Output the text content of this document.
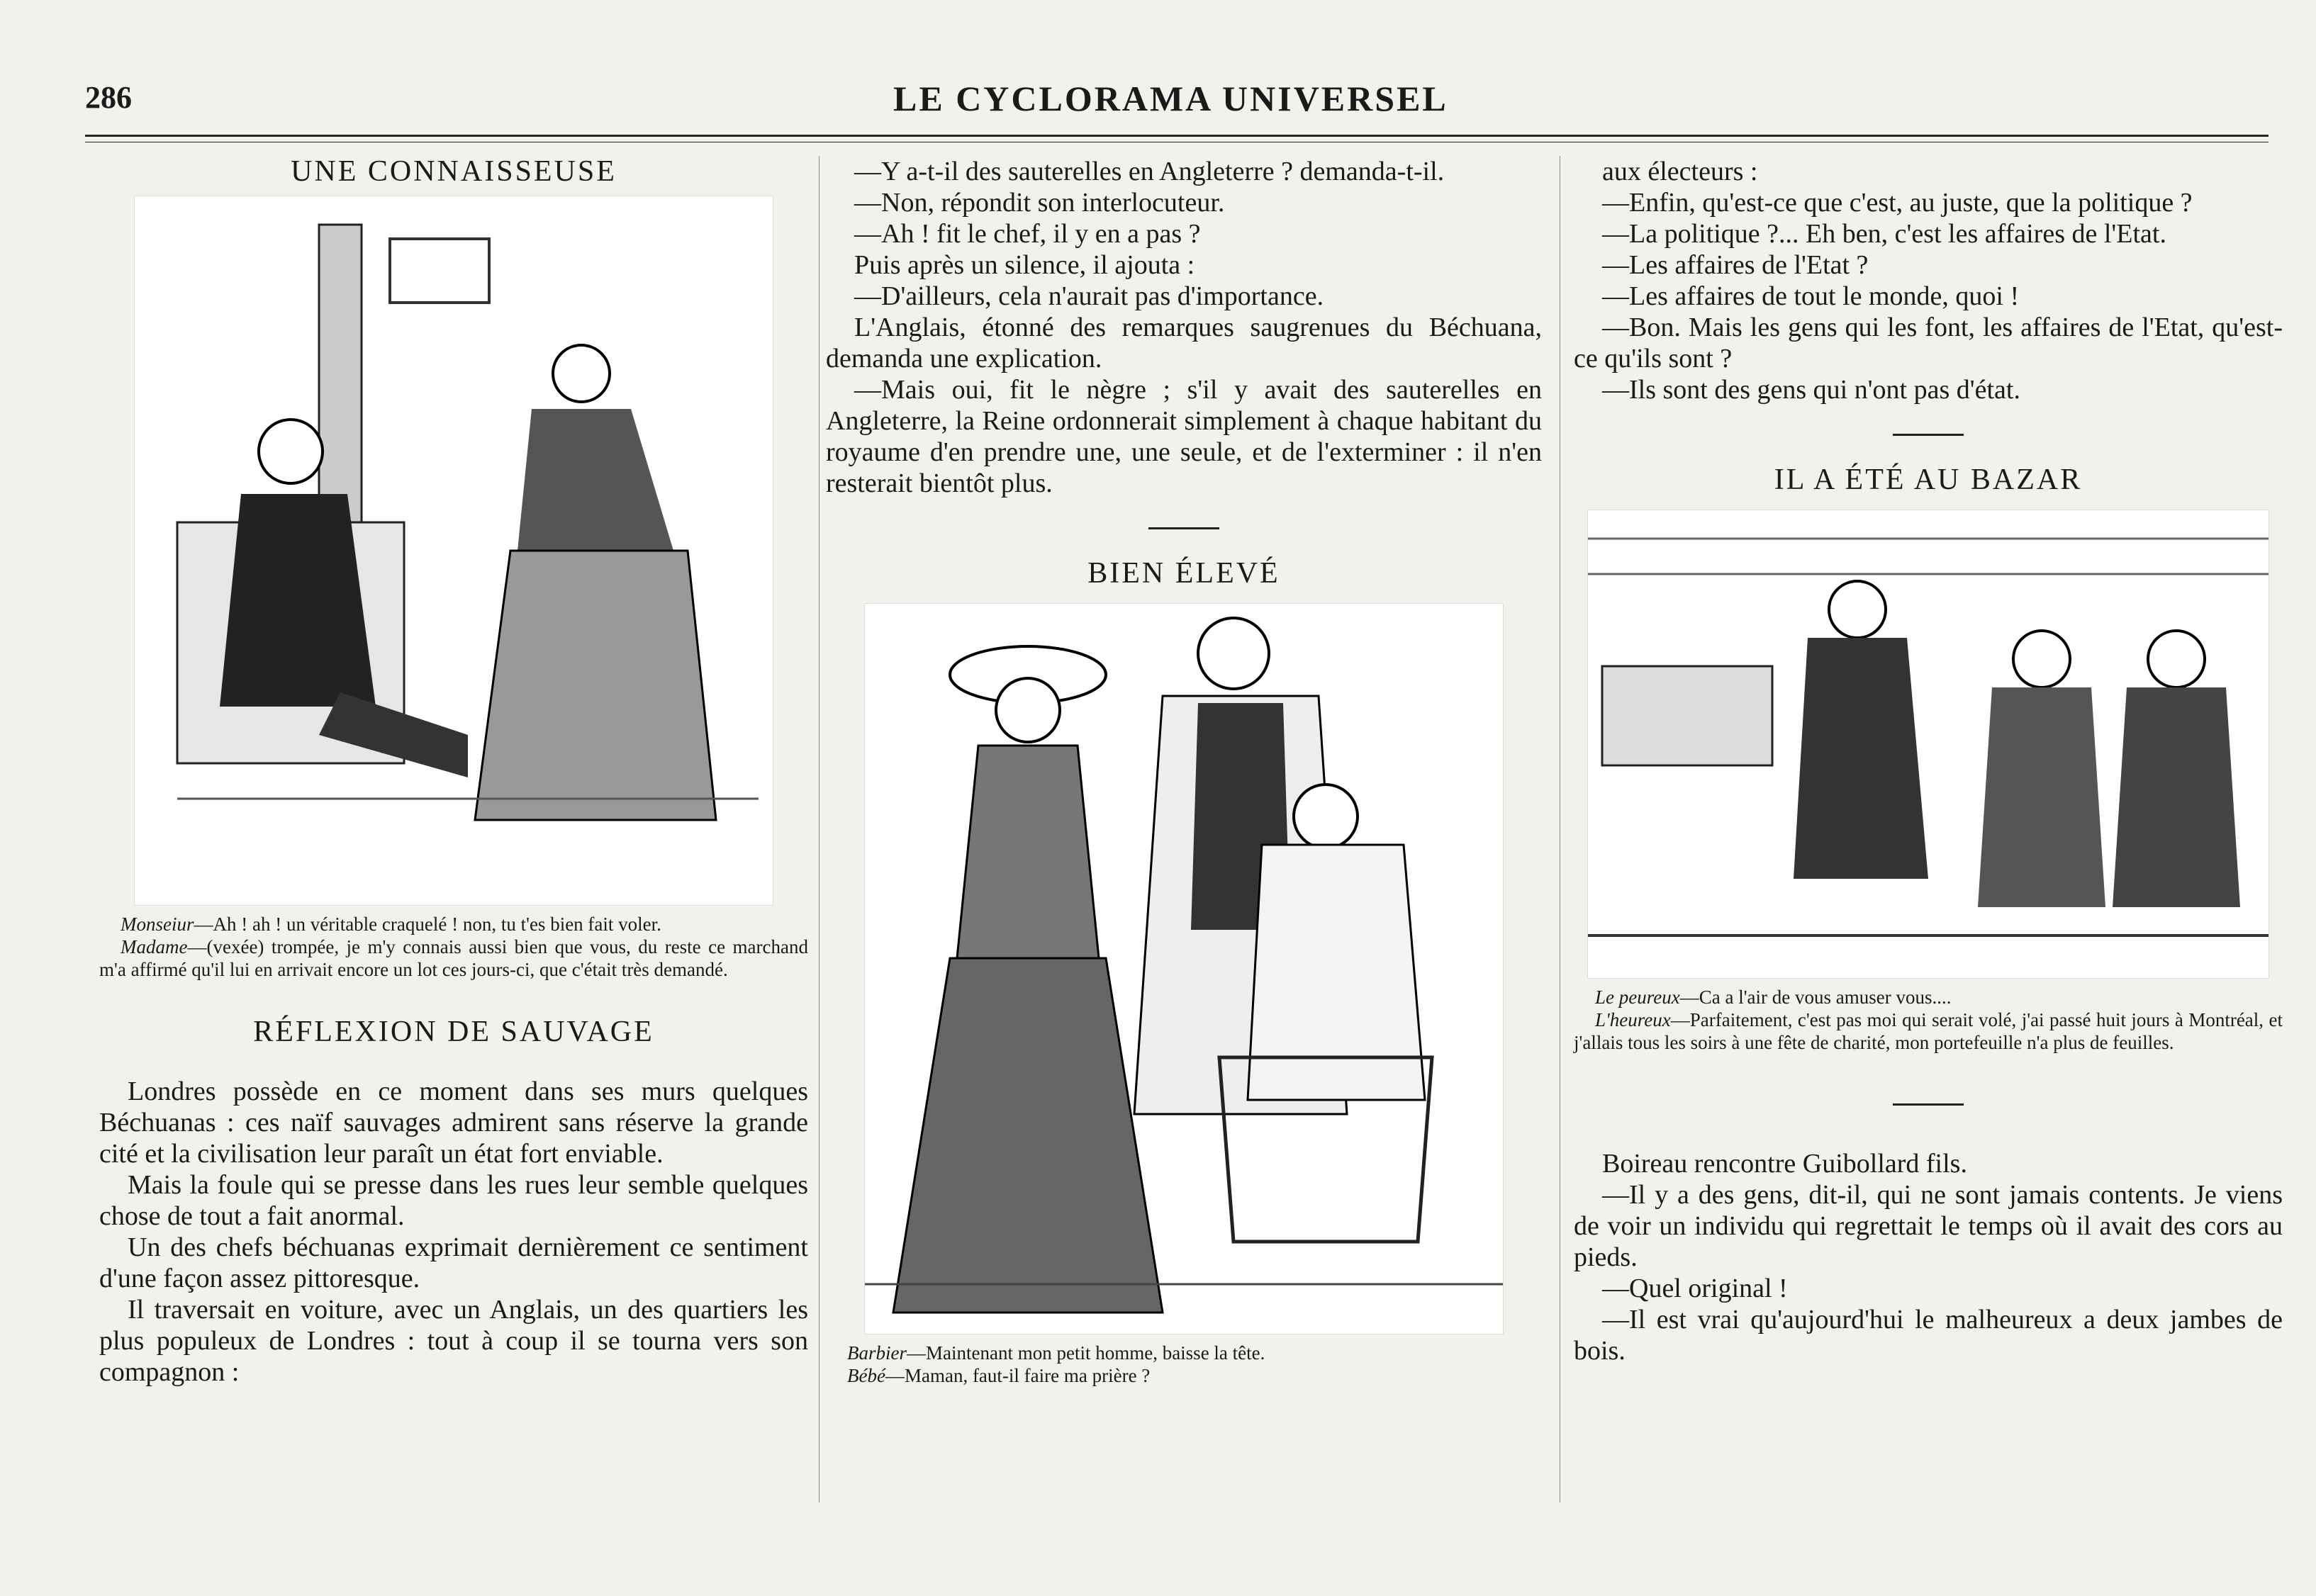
286	LE CYCLORAMA UNIVERSEL
UNE CONNAISSEUSE

Monseiur—Ah ! ah ! un véritable craquelé ! non, tu t'es bien fait voler.

Madame—(vexée) trompée, je m'y connais aussi bien que vous, du reste ce marchand m'a affirmé qu'il lui en arrivait encore un lot ces jours-ci, que c'était très demandé.

RÉFLEXION DE SAUVAGE

Londres possède en ce moment dans ses murs quelques Béchuanas : ces naïf sauvages admirent sans réserve la grande cité et la civilisation leur paraît un état fort enviable.

Mais la foule qui se presse dans les rues leur semble quelques chose de tout a fait anormal.

Un des chefs béchuanas exprimait dernièrement ce sentiment d'une façon assez pittoresque.

Il traversait en voiture, avec un Anglais, un des quartiers les plus populeux de Londres : tout à coup il se tourna vers son compagnon :

—Y a-t-il des sauterelles en Angleterre ? demanda-t-il.

—Non, répondit son interlocuteur.

—Ah ! fit le chef, il y en a pas ?

Puis après un silence, il ajouta :

—D'ailleurs, cela n'aurait pas d'importance.

L'Anglais, étonné des remarques saugrenues du Béchuana, demanda une explication.

—Mais oui, fit le nègre ; s'il y avait des sauterelles en Angleterre, la Reine ordonnerait simplement à chaque habitant du royaume d'en prendre une, une seule, et de l'exterminer : il n'en resterait bientôt plus.

BIEN ÉLEVÉ

Barbier—Maintenant mon petit homme, baisse la tête.

Bébé—Maman, faut-il faire ma prière ?

aux électeurs :

—Enfin, qu'est-ce que c'est, au juste, que la politique ?

—La politique ?... Eh ben, c'est les affaires de l'Etat.

—Les affaires de l'Etat ?

—Les affaires de tout le monde, quoi !

—Bon. Mais les gens qui les font, les affaires de l'Etat, qu'est-ce qu'ils sont ?

—Ils sont des gens qui n'ont pas d'état.

IL A ÉTÉ AU BAZAR

Le peureux—Ca a l'air de vous amuser vous....

L'heureux—Parfaitement, c'est pas moi qui serait volé, j'ai passé huit jours à Montréal, et j'allais tous les soirs à une fête de charité, mon portefeuille n'a plus de feuilles.

Boireau rencontre Guibollard fils.

—Il y a des gens, dit-il, qui ne sont jamais contents. Je viens de voir un individu qui regrettait le temps où il avait des cors au pieds.

—Quel original !

—Il est vrai qu'aujourd'hui le malheureux a deux jambes de bois.
